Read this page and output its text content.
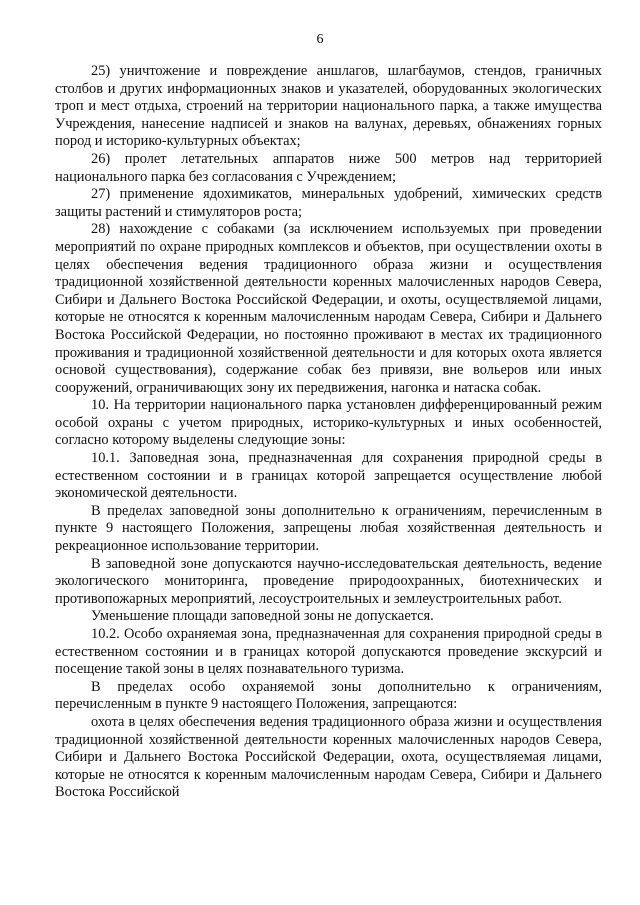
6

25) уничтожение и повреждение аншлагов, шлагбаумов, стендов, граничных столбов и других информационных знаков и указателей, оборудованных экологических троп и мест отдыха, строений на территории национального парка, а также имущества Учреждения, нанесение надписей и знаков на валунах, деревьях, обнажениях горных пород и историко-культурных объектах;

26) пролет летательных аппаратов ниже 500 метров над территорией национального парка без согласования с Учреждением;

27) применение ядохимикатов, минеральных удобрений, химических средств защиты растений и стимуляторов роста;

28) нахождение с собаками (за исключением используемых при проведении мероприятий по охране природных комплексов и объектов, при осуществлении охоты в целях обеспечения ведения традиционного образа жизни и осуществления традиционной хозяйственной деятельности коренных малочисленных народов Севера, Сибири и Дальнего Востока Российской Федерации, и охоты, осуществляемой лицами, которые не относятся к коренным малочисленным народам Севера, Сибири и Дальнего Востока Российской Федерации, но постоянно проживают в местах их традиционного проживания и традиционной хозяйственной деятельности и для которых охота является основой существования), содержание собак без привязи, вне вольеров или иных сооружений, ограничивающих зону их передвижения, нагонка и натаска собак.

10. На территории национального парка установлен дифференцированный режим особой охраны с учетом природных, историко-культурных и иных особенностей, согласно которому выделены следующие зоны:

10.1. Заповедная зона, предназначенная для сохранения природной среды в естественном состоянии и в границах которой запрещается осуществление любой экономической деятельности.

В пределах заповедной зоны дополнительно к ограничениям, перечисленным в пункте 9 настоящего Положения, запрещены любая хозяйственная деятельность и рекреационное использование территории.

В заповедной зоне допускаются научно-исследовательская деятельность, ведение экологического мониторинга, проведение природоохранных, биотехнических и противопожарных мероприятий, лесоустроительных и землеустроительных работ.

Уменьшение площади заповедной зоны не допускается.

10.2. Особо охраняемая зона, предназначенная для сохранения природной среды в естественном состоянии и в границах которой допускаются проведение экскурсий и посещение такой зоны в целях познавательного туризма.

В пределах особо охраняемой зоны дополнительно к ограничениям, перечисленным в пункте 9 настоящего Положения, запрещаются:

охота в целях обеспечения ведения традиционного образа жизни и осуществления традиционной хозяйственной деятельности коренных малочисленных народов Севера, Сибири и Дальнего Востока Российской Федерации, охота, осуществляемая лицами, которые не относятся к коренным малочисленным народам Севера, Сибири и Дальнего Востока Российской
